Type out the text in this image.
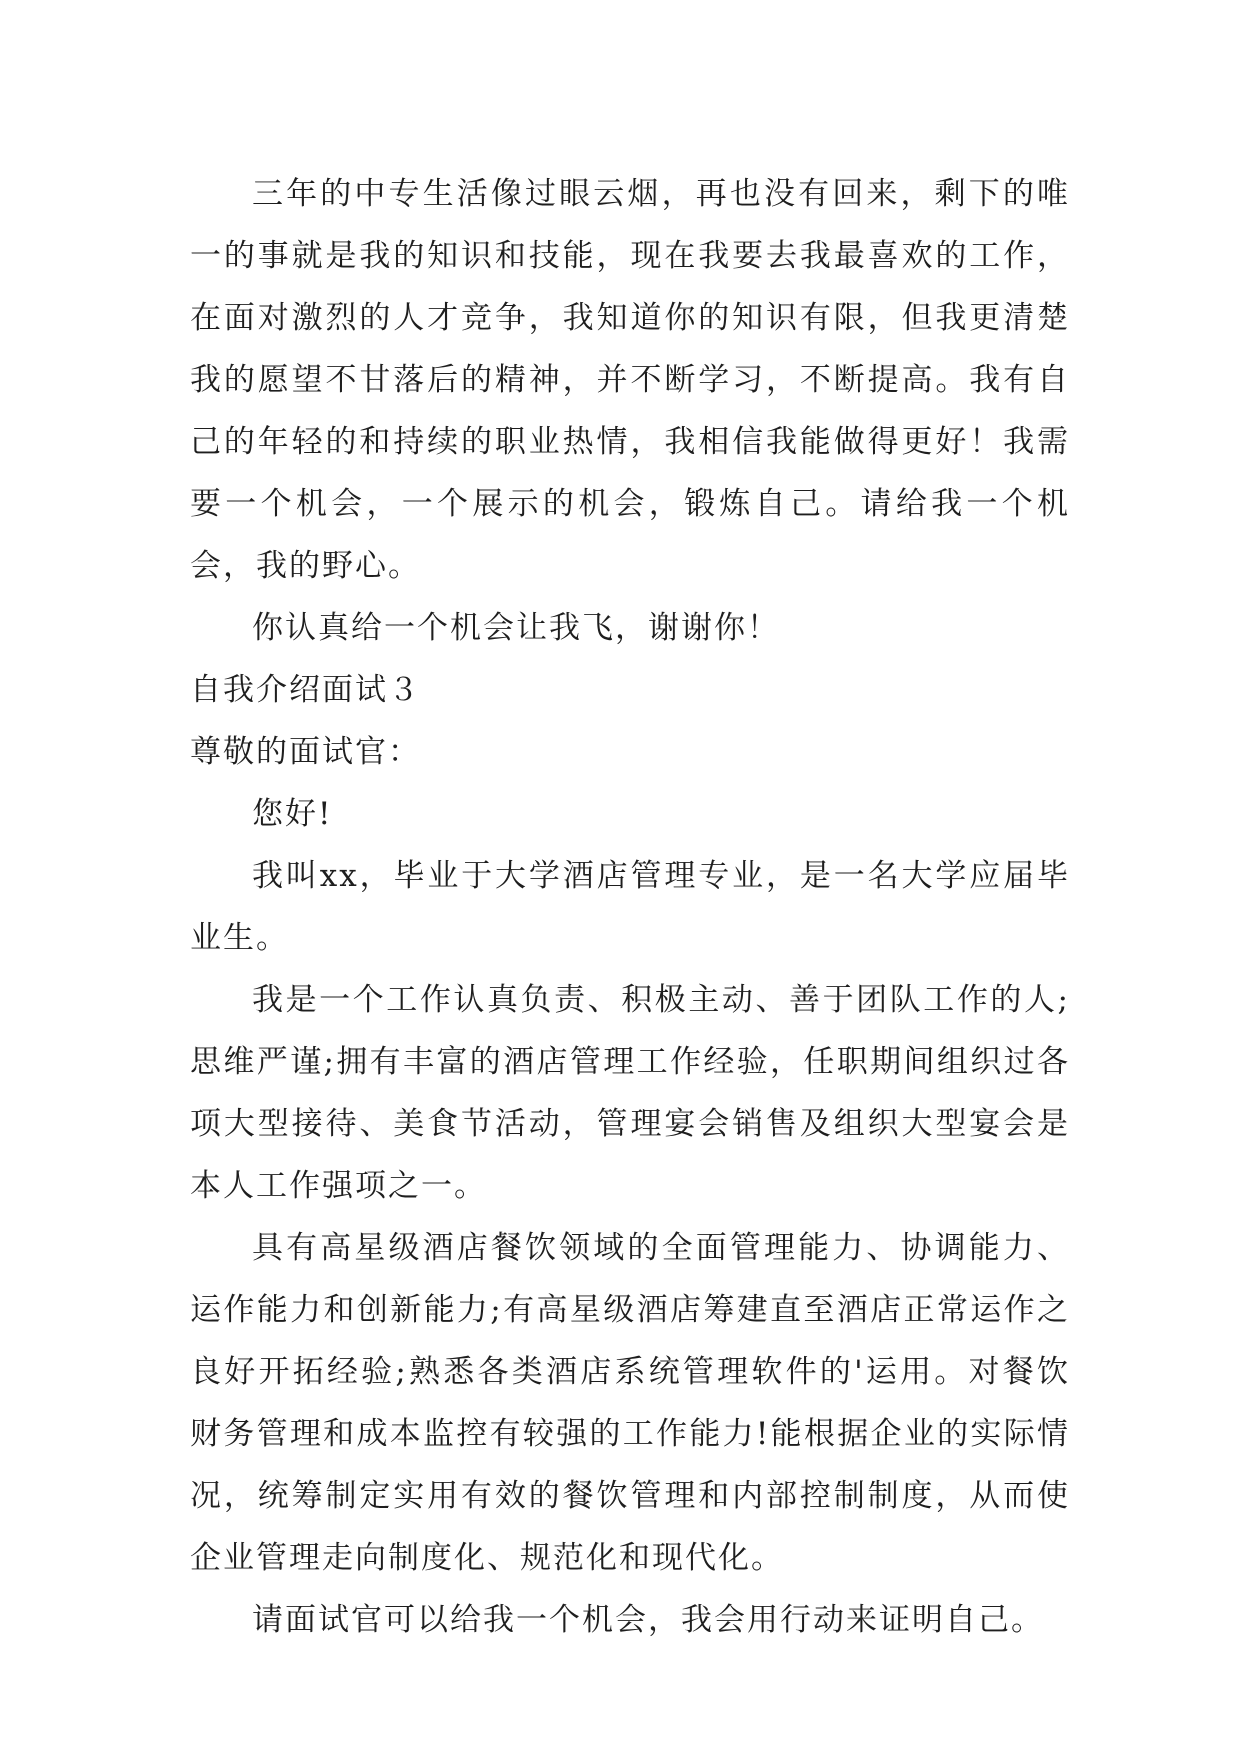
三年的中专生活像过眼云烟，再也没有回来，剩下的唯一的事就是我的知识和技能，现在我要去我最喜欢的工作，在面对激烈的人才竞争，我知道你的知识有限，但我更清楚我的愿望不甘落后的精神，并不断学习，不断提高。我有自己的年轻的和持续的职业热情，我相信我能做得更好！我需要一个机会，一个展示的机会，锻炼自己。请给我一个机会，我的野心。

你认真给一个机会让我飞，谢谢你！

自我介绍面试３

尊敬的面试官：

您好!

我叫xx，毕业于大学酒店管理专业，是一名大学应届毕业生。

我是一个工作认真负责、积极主动、善于团队工作的人;思维严谨;拥有丰富的酒店管理工作经验，任职期间组织过各项大型接待、美食节活动，管理宴会销售及组织大型宴会是本人工作强项之一。

具有高星级酒店餐饮领域的全面管理能力、协调能力、运作能力和创新能力;有高星级酒店筹建直至酒店正常运作之良好开拓经验;熟悉各类酒店系统管理软件的'运用。对餐饮财务管理和成本监控有较强的工作能力!能根据企业的实际情况，统筹制定实用有效的餐饮管理和内部控制制度，从而使企业管理走向制度化、规范化和现代化。

请面试官可以给我一个机会，我会用行动来证明自己。
